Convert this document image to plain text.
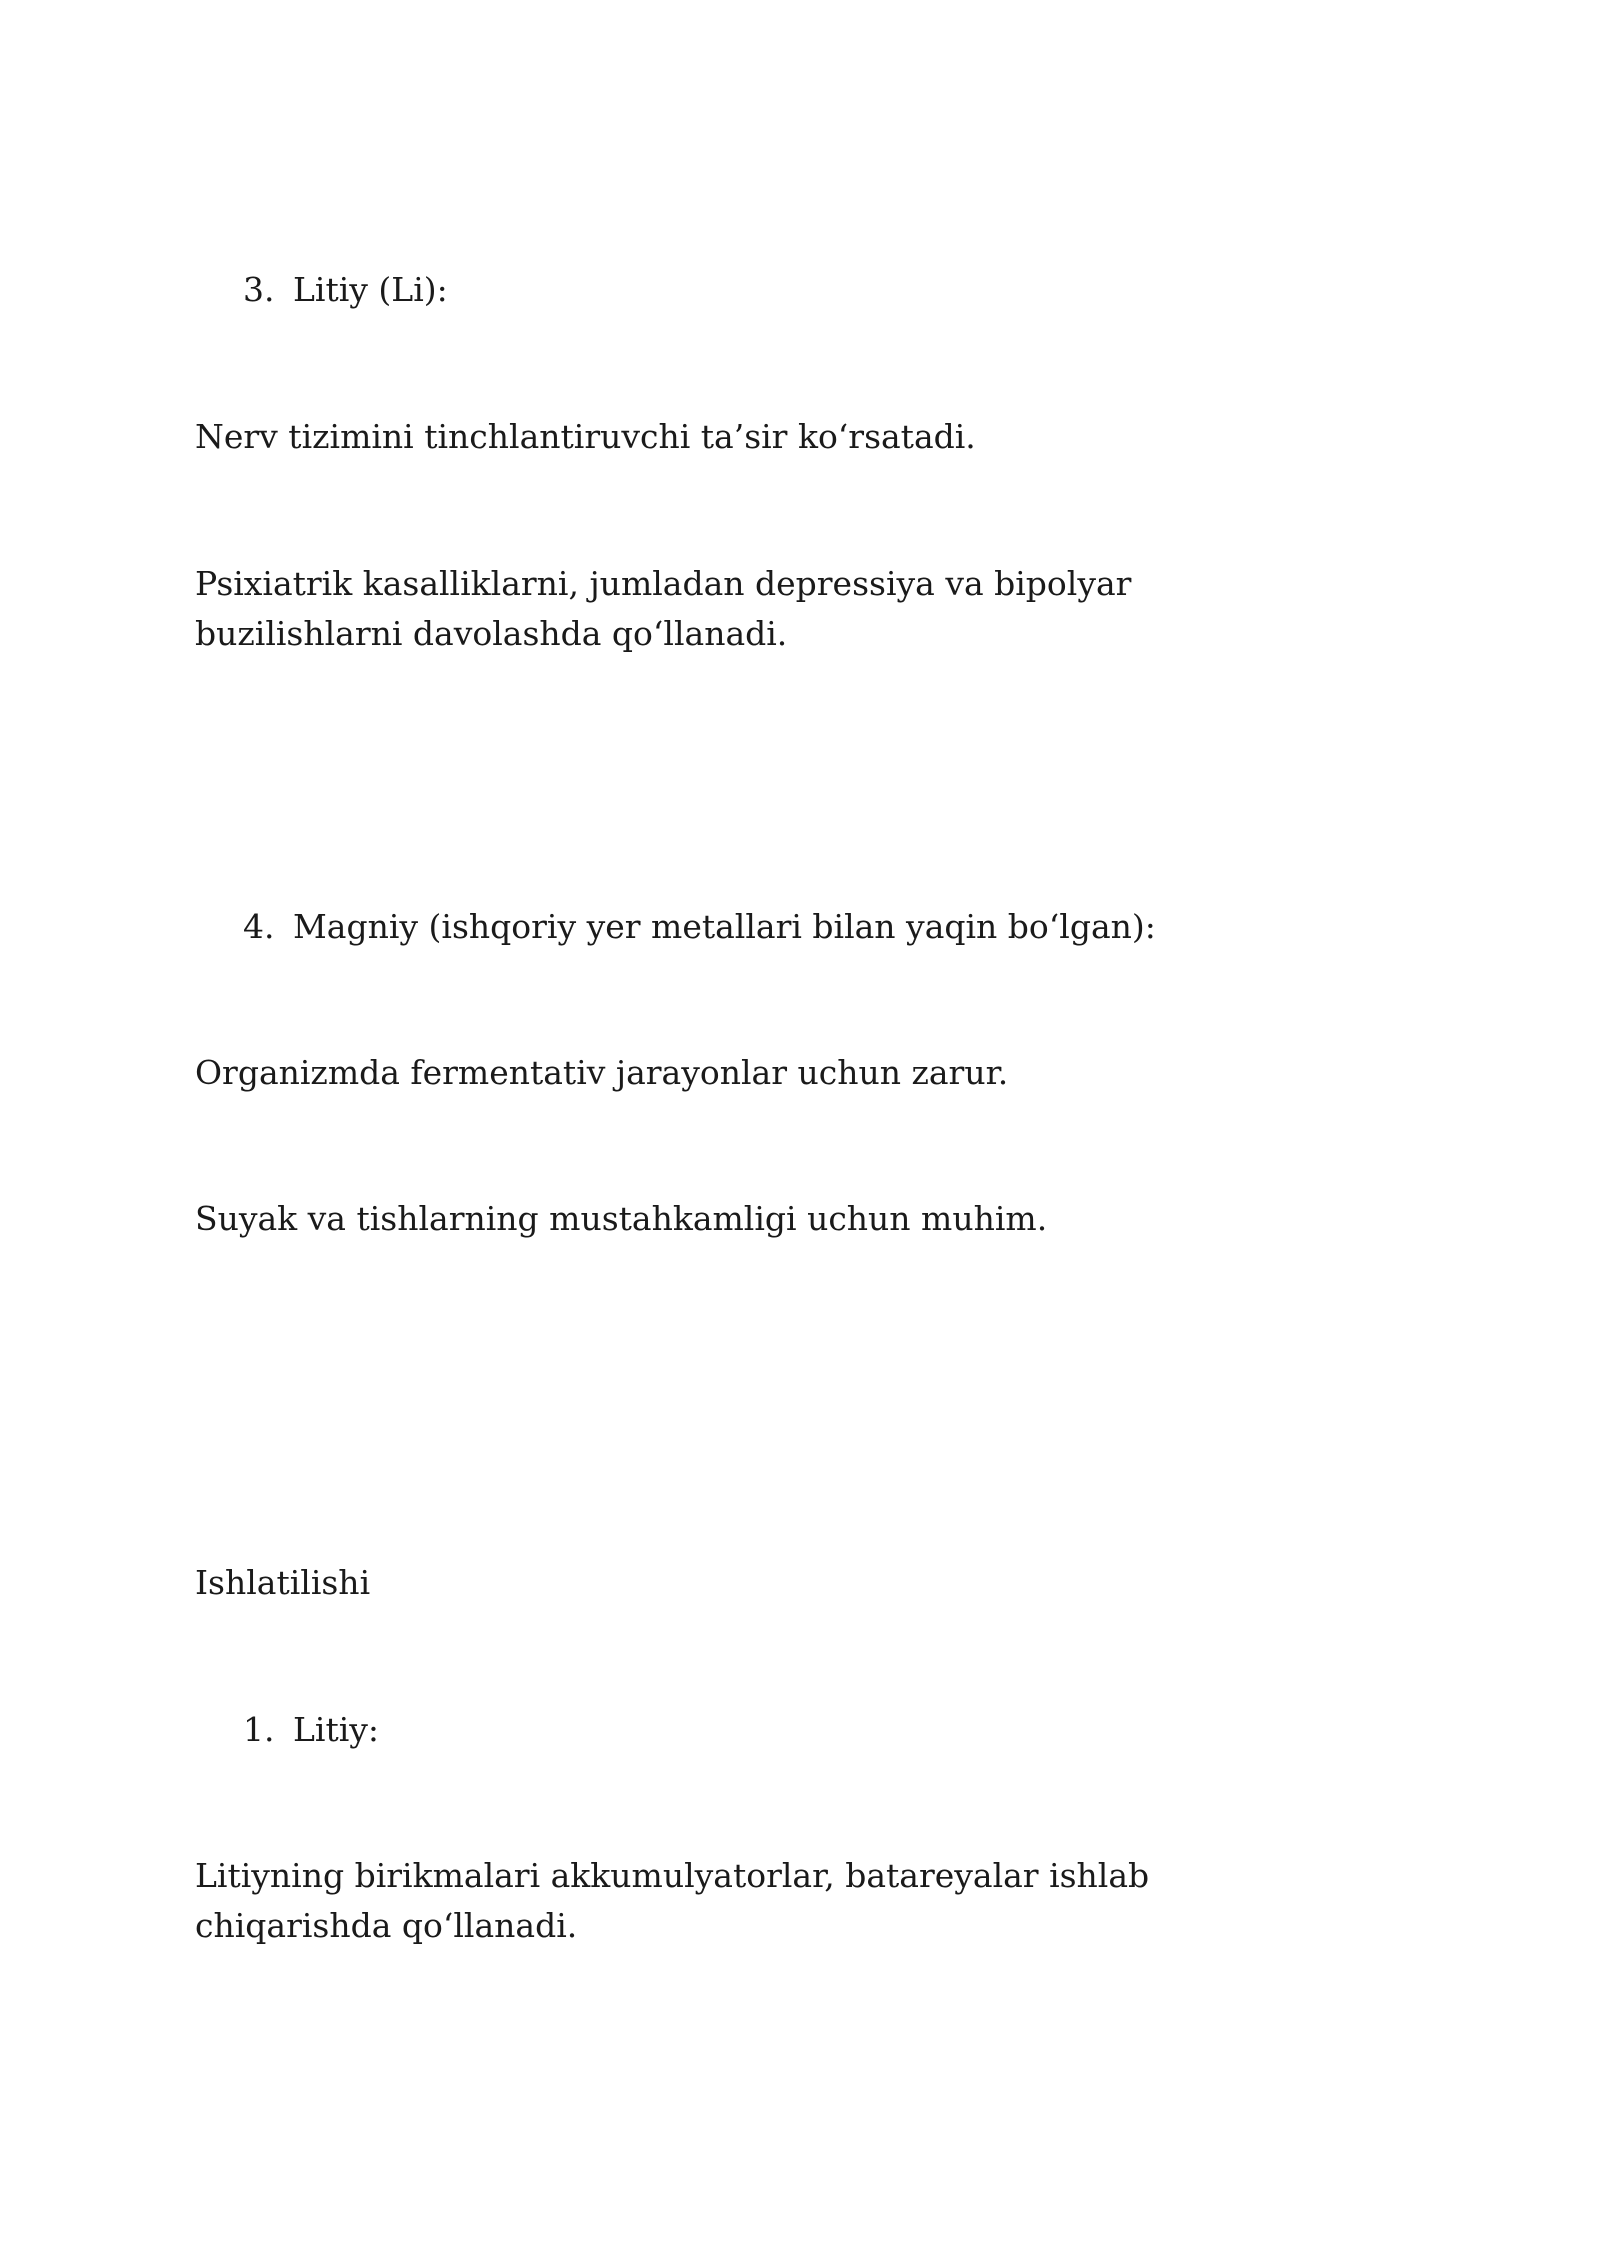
3. Litiy (Li):

Nerv tizimini tinchlantiruvchi ta’sir ko‘rsatadi.

Psixiatrik kasalliklarni, jumladan depressiya va bipolyar buzilishlarni davolashda qo‘llanadi.

4. Magniy (ishqoriy yer metallari bilan yaqin bo‘lgan):

Organizmda fermentativ jarayonlar uchun zarur.

Suyak va tishlarning mustahkamligi uchun muhim.

Ishlatilishi

1. Litiy:

Litiyning birikmalari akkumulyatorlar, batareyalar ishlab chiqarishda qo‘llanadi.
